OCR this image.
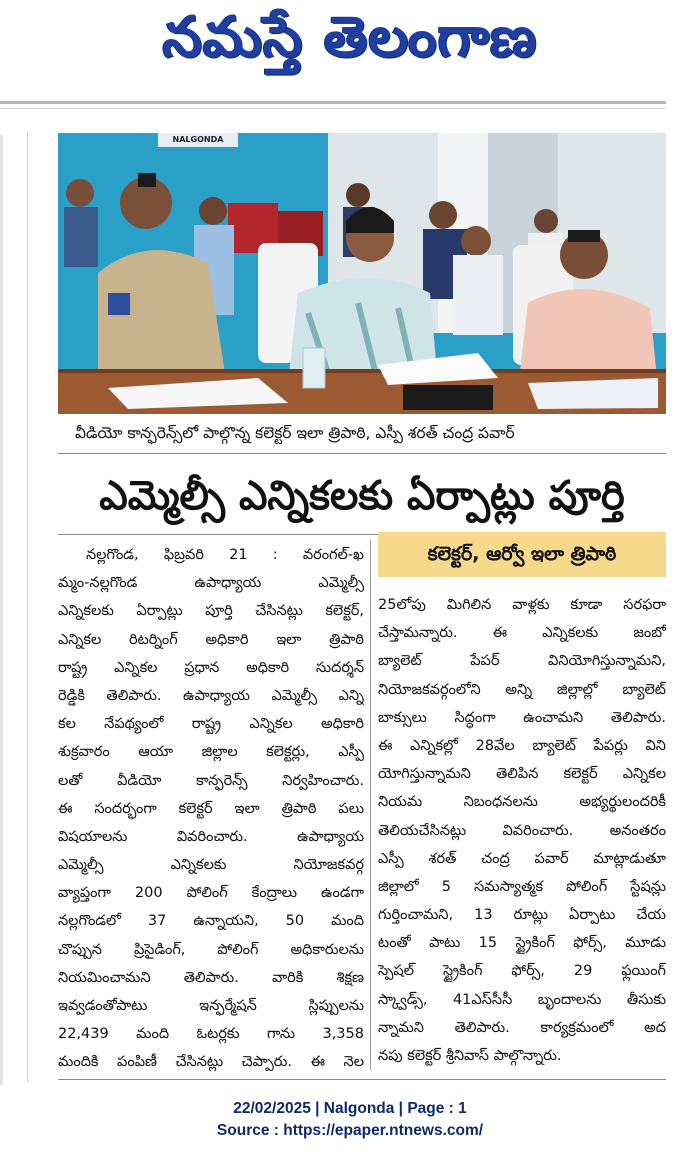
నమస్తే తెలంగాణ
NALGONDA
వీడియో కాన్ఫరెన్స్‌లో పాల్గొన్న కలెక్టర్ ఇలా త్రిపాఠి, ఎస్పీ శరత్ చంద్ర పవార్
ఎమ్మెల్సీ ఎన్నికలకు ఏర్పాట్లు పూర్తి
కలెక్టర్, ఆర్వో ఇలా త్రిపాఠి
నల్లగొండ, ఫిబ్రవరి 21 : వరంగల్-ఖ
మ్మం-నల్లగొండ ఉపాధ్యాయ ఎమ్మెల్సీ
ఎన్నికలకు ఏర్పాట్లు పూర్తి చేసినట్లు కలెక్టర్,
ఎన్నికల రిటర్నింగ్ అధికారి ఇలా త్రిపాఠి
రాష్ట్ర ఎన్నికల ప్రధాన అధికారి సుదర్శన్
రెడ్డికి తెలిపారు. ఉపాధ్యాయ ఎమ్మెల్సీ ఎన్ని
కల నేపథ్యంలో రాష్ట్ర ఎన్నికల అధికారి
శుక్రవారం ఆయా జిల్లాల కలెక్టర్లు, ఎస్పీ
లతో వీడియో కాన్ఫరెన్స్ నిర్వహించారు.
ఈ సందర్భంగా కలెక్టర్ ఇలా త్రిపాఠి పలు
విషయాలను వివరించారు. ఉపాధ్యాయ
ఎమ్మెల్సీ ఎన్నికలకు నియోజకవర్గ
వ్యాప్తంగా 200 పోలింగ్ కేంద్రాలు ఉండగా
నల్లగొండలో 37 ఉన్నాయని, 50 మంది
చొప్పున ప్రిసైడింగ్, పోలింగ్ అధికారులను
నియమించామని తెలిపారు. వారికి శిక్షణ
ఇవ్వడంతోపాటు ఇన్ఫర్మేషన్ స్లిప్పులను
22,439 మంది ఓటర్లకు గాను 3,358
మందికి పంపిణీ చేసినట్లు చెప్పారు. ఈ నెల
25లోపు మిగిలిన వాళ్లకు కూడా సరఫరా
చేస్తామన్నారు. ఈ ఎన్నికలకు జంబో
బ్యాలెట్ పేపర్ వినియోగిస్తున్నామని,
నియోజకవర్గంలోని అన్ని జిల్లాల్లో బ్యాలెట్
బాక్సులు సిద్ధంగా ఉంచామని తెలిపారు.
ఈ ఎన్నికల్లో 28వేల బ్యాలెట్ పేపర్లు విని
యోగిస్తున్నామని తెలిపిన కలెక్టర్ ఎన్నికల
నియమ నిబంధనలను అభ్యర్థులందరికీ
తెలియచేసినట్లు వివరించారు. అనంతరం
ఎస్పీ శరత్ చంద్ర పవార్ మాట్లాడుతూ
జిల్లాలో 5 సమస్యాత్మక పోలింగ్ స్టేషన్లు
గుర్తించామని, 13 రూట్లు ఏర్పాటు చేయ
టంతో పాటు 15 స్ట్రైకింగ్ ఫోర్స్, మూడు
స్పెషల్ స్ట్రైకింగ్ ఫోర్స్, 29 ఫ్లయింగ్
స్క్వాడ్స్, 41ఎస్‌సీసీ బృందాలను తీసుకు
న్నామని తెలిపారు. కార్యక్రమంలో అద
నపు కలెక్టర్ శ్రీనివాస్ పాల్గొన్నారు.
22/02/2025 | Nalgonda | Page : 1
Source : https://epaper.ntnews.com/
